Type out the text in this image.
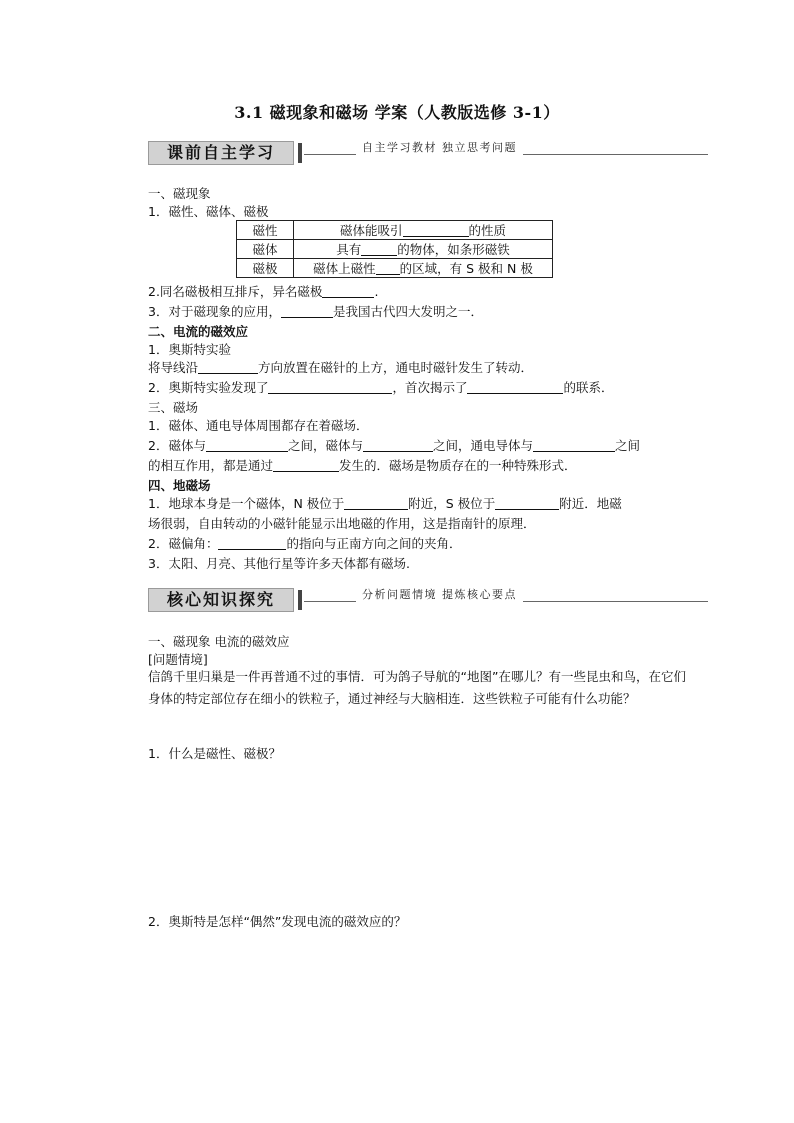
3.1 磁现象和磁场 学案（人教版选修 3-1）
课前自主学习	自主学习教材 独立思考问题
一、磁现象
1．磁性、磁体、磁极
磁性	磁体能吸引 的性质
磁体	具有 的物体，如条形磁铁
磁极	磁体上磁性 的区域，有 S 极和 N 极
2.同名磁极相互排斥，异名磁极	.
3．对于磁现象的应用，	是我国古代四大发明之一．
二、电流的磁效应
1．奥斯特实验
将导线沿	方向放置在磁针的上方，通电时磁针发生了转动．
2．奥斯特实验发现了	，首次揭示了	的联系．
三、磁场
1．磁体、通电导体周围都存在着磁场．
2．磁体与	之间，磁体与	之间，通电导体与	之间
的相互作用，都是通过	发生的．磁场是物质存在的一种特殊形式．
四、地磁场
1．地球本身是一个磁体，N 极位于	附近，S 极位于	附近．地磁
场很弱，自由转动的小磁针能显示出地磁的作用，这是指南针的原理．
2．磁偏角：	的指向与正南方向之间的夹角．
3．太阳、月亮、其他行星等许多天体都有磁场.
核心知识探究	分析问题情境 提炼核心要点
一、磁现象 电流的磁效应
[问题情境]
信鸽千里归巢是一件再普通不过的事情．可为鸽子导航的“地图”在哪儿？有一些昆虫和鸟，在它们身体的特定部位存在细小的铁粒子，通过神经与大脑相连．这些铁粒子可能有什么功能？
1．什么是磁性、磁极？
2．奥斯特是怎样“偶然”发现电流的磁效应的？
